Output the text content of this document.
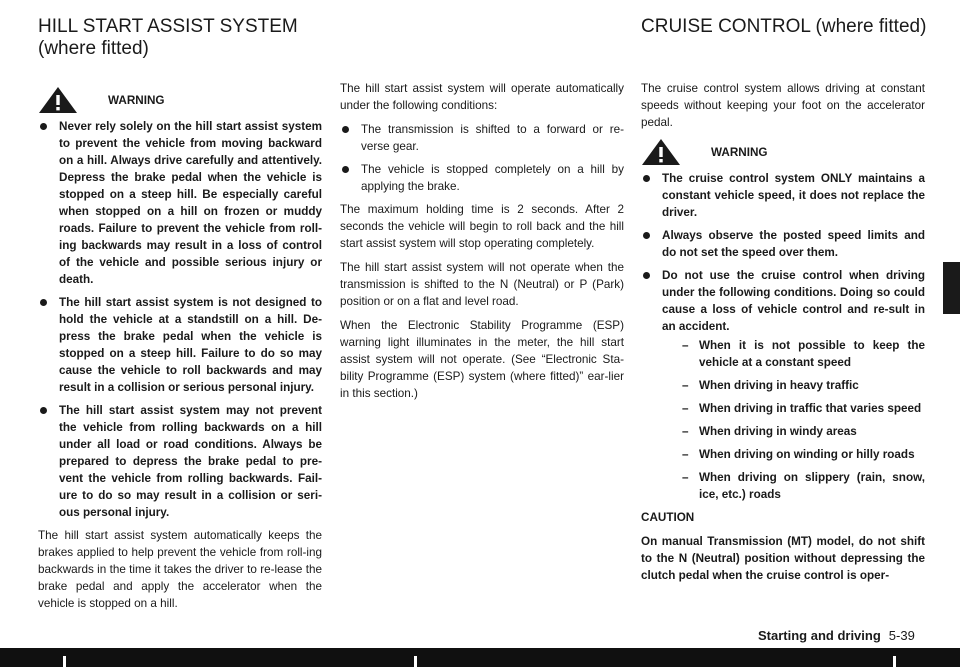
HILL START ASSIST SYSTEM
(where fitted)
CRUISE CONTROL (where fitted)
WARNING
Never rely solely on the hill start assist system to prevent the vehicle from moving backward on a hill. Always drive carefully and attentively. Depress the brake pedal when the vehicle is stopped on a steep hill. Be especially careful when stopped on a hill on frozen or muddy roads. Failure to prevent the vehicle from roll-ing backwards may result in a loss of control of the vehicle and possible serious injury or death.
The hill start assist system is not designed to hold the vehicle at a standstill on a hill. De-press the brake pedal when the vehicle is stopped on a steep hill. Failure to do so may cause the vehicle to roll backwards and may result in a collision or serious personal injury.
The hill start assist system may not prevent the vehicle from rolling backwards on a hill under all load or road conditions. Always be prepared to depress the brake pedal to pre-vent the vehicle from rolling backwards. Fail-ure to do so may result in a collision or seri-ous personal injury.

The hill start assist system automatically keeps the brakes applied to help prevent the vehicle from roll-ing backwards in the time it takes the driver to re-lease the brake pedal and apply the accelerator when the vehicle is stopped on a hill.

The hill start assist system will operate automatically under the following conditions:

The transmission is shifted to a forward or re-verse gear.
The vehicle is stopped completely on a hill by applying the brake.

The maximum holding time is 2 seconds. After 2 seconds the vehicle will begin to roll back and the hill start assist system will stop operating completely.

The hill start assist system will not operate when the transmission is shifted to the N (Neutral) or P (Park) position or on a flat and level road.

When the Electronic Stability Programme (ESP) warning light illuminates in the meter, the hill start assist system will not operate. (See “Electronic Sta-bility Programme (ESP) system (where fitted)” ear-lier in this section.)

The cruise control system allows driving at constant speeds without keeping your foot on the accelerator pedal.

WARNING
The cruise control system ONLY maintains a constant vehicle speed, it does not replace the driver.
Always observe the posted speed limits and do not set the speed over them.
Do not use the cruise control when driving under the following conditions. Doing so could cause a loss of vehicle control and re-sult in an accident.
– When it is not possible to keep the vehicle at a constant speed
– When driving in heavy traffic
– When driving in traffic that varies speed
– When driving in windy areas
– When driving on winding or hilly roads
– When driving on slippery (rain, snow, ice, etc.) roads

CAUTION

On manual Transmission (MT) model, do not shift to the N (Neutral) position without depressing the clutch pedal when the cruise control is oper-

Starting and driving 5-39
